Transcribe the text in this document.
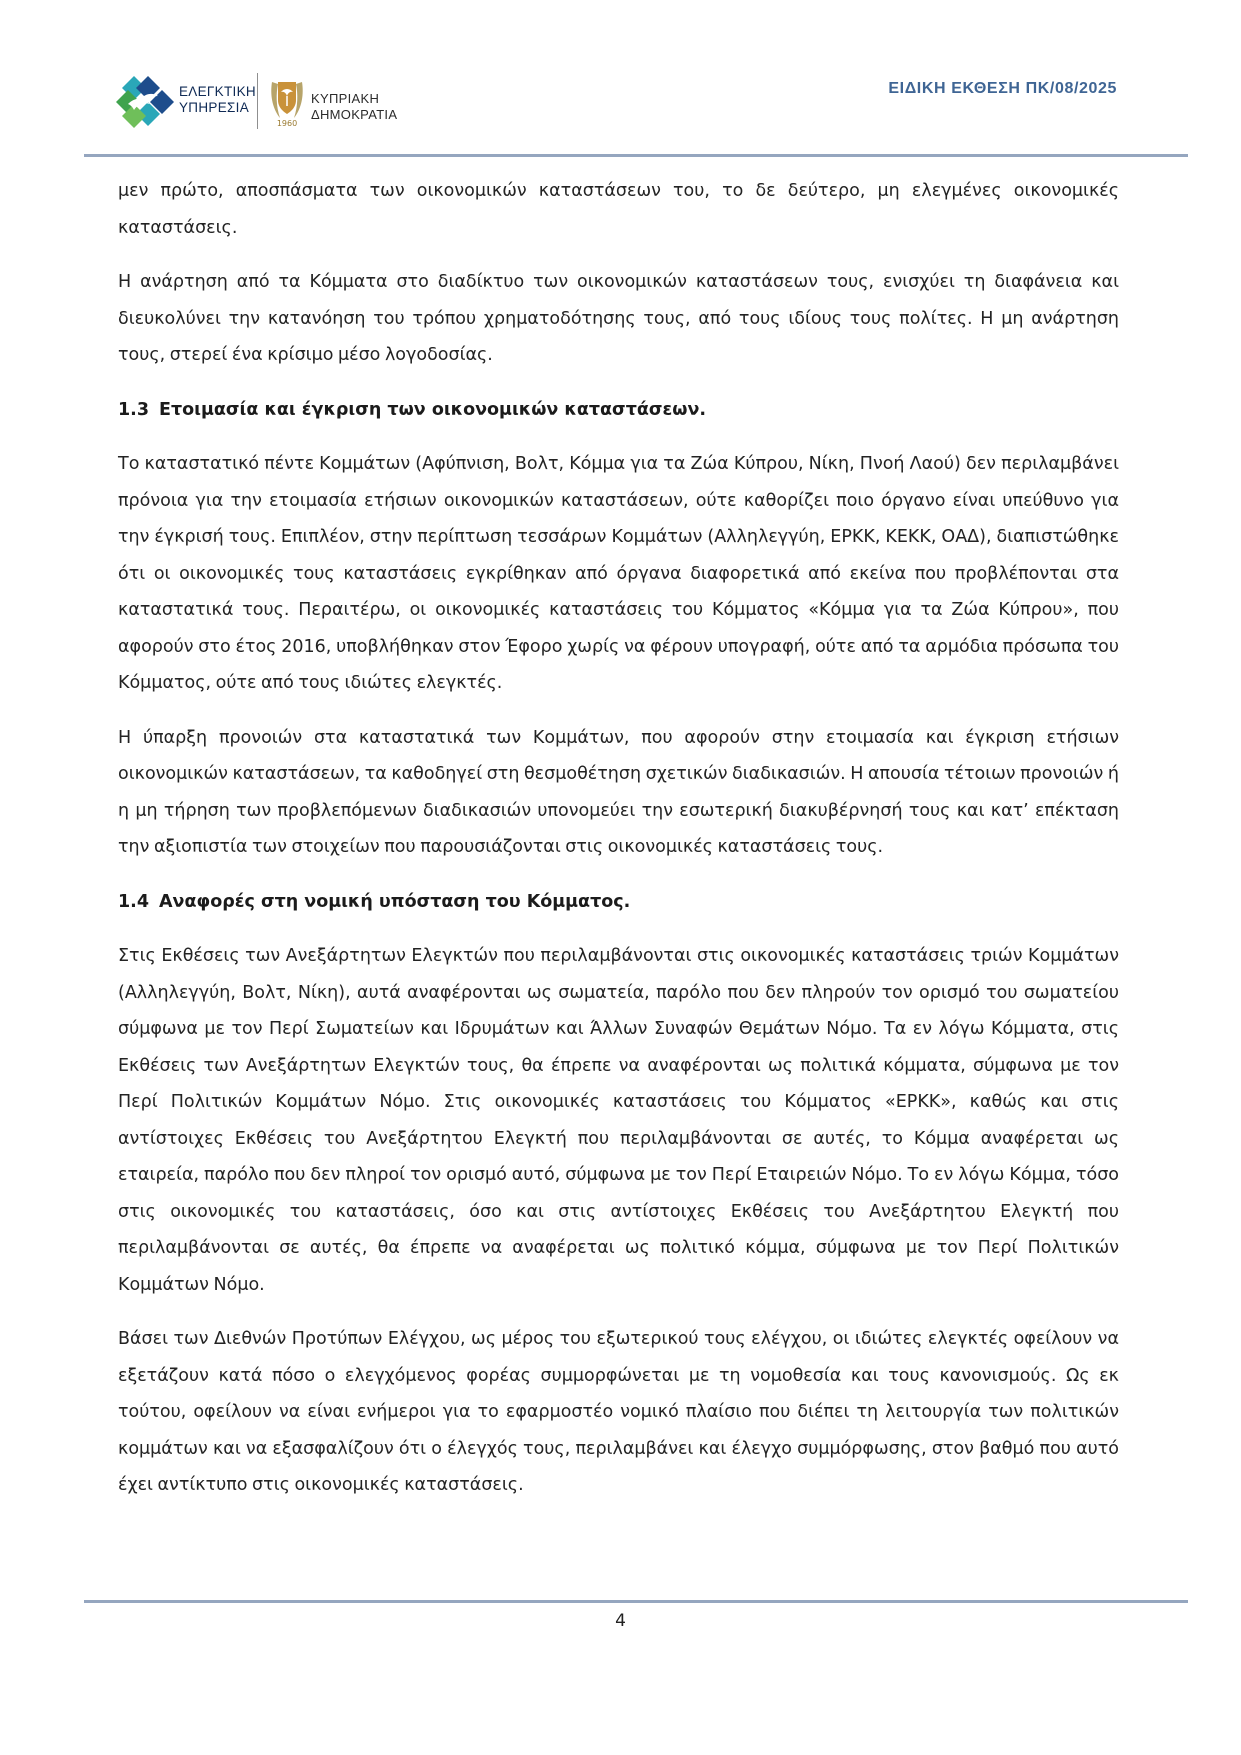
ΕΛΕΓΚΤΙΚΗ
ΥΠΗΡΕΣΙΑ
1960
ΚΥΠΡΙΑΚΗ
ΔΗΜΟΚΡΑΤΙΑ
ΕΙΔΙΚΗ ΕΚΘΕΣΗ ΠΚ/08/2025

μεν πρώτο, αποσπάσματα των οικονομικών καταστάσεων του, το δε δεύτερο, μη ελεγμένες οικονομικές καταστάσεις.

Η ανάρτηση από τα Κόμματα στο διαδίκτυο των οικονομικών καταστάσεων τους, ενισχύει τη διαφάνεια και διευκολύνει την κατανόηση του τρόπου χρηματοδότησης τους, από τους ιδίους τους πολίτες. Η μη ανάρτηση τους, στερεί ένα κρίσιμο μέσο λογοδοσίας.

1.3 Ετοιμασία και έγκριση των οικονομικών καταστάσεων.

Το καταστατικό πέντε Κομμάτων (Αφύπνιση, Βολτ, Κόμμα για τα Ζώα Κύπρου, Νίκη, Πνοή Λαού) δεν περιλαμβάνει πρόνοια για την ετοιμασία ετήσιων οικονομικών καταστάσεων, ούτε καθορίζει ποιο όργανο είναι υπεύθυνο για την έγκρισή τους. Επιπλέον, στην περίπτωση τεσσάρων Κομμάτων (Αλληλεγγύη, ΕΡΚΚ, ΚΕΚΚ, ΟΑΔ), διαπιστώθηκε ότι οι οικονομικές τους καταστάσεις εγκρίθηκαν από όργανα διαφορετικά από εκείνα που προβλέπονται στα καταστατικά τους. Περαιτέρω, οι οικονομικές καταστάσεις του Κόμματος «Κόμμα για τα Ζώα Κύπρου», που αφορούν στο έτος 2016, υποβλήθηκαν στον Έφορο χωρίς να φέρουν υπογραφή, ούτε από τα αρμόδια πρόσωπα του Κόμματος, ούτε από τους ιδιώτες ελεγκτές.

Η ύπαρξη προνοιών στα καταστατικά των Κομμάτων, που αφορούν στην ετοιμασία και έγκριση ετήσιων οικονομικών καταστάσεων, τα καθοδηγεί στη θεσμοθέτηση σχετικών διαδικασιών. Η απουσία τέτοιων προνοιών ή η μη τήρηση των προβλεπόμενων διαδικασιών υπονομεύει την εσωτερική διακυβέρνησή τους και κατ’ επέκταση την αξιοπιστία των στοιχείων που παρουσιάζονται στις οικονομικές καταστάσεις τους.

1.4 Αναφορές στη νομική υπόσταση του Κόμματος.

Στις Εκθέσεις των Ανεξάρτητων Ελεγκτών που περιλαμβάνονται στις οικονομικές καταστάσεις τριών Κομμάτων (Αλληλεγγύη, Βολτ, Νίκη), αυτά αναφέρονται ως σωματεία, παρόλο που δεν πληρούν τον ορισμό του σωματείου σύμφωνα με τον Περί Σωματείων και Ιδρυμάτων και Άλλων Συναφών Θεμάτων Νόμο. Τα εν λόγω Κόμματα, στις Εκθέσεις των Ανεξάρτητων Ελεγκτών τους, θα έπρεπε να αναφέρονται ως πολιτικά κόμματα, σύμφωνα με τον Περί Πολιτικών Κομμάτων Νόμο. Στις οικονομικές καταστάσεις του Κόμματος «ΕΡΚΚ», καθώς και στις αντίστοιχες Εκθέσεις του Ανεξάρτητου Ελεγκτή που περιλαμβάνονται σε αυτές, το Κόμμα αναφέρεται ως εταιρεία, παρόλο που δεν πληροί τον ορισμό αυτό, σύμφωνα με τον Περί Εταιρειών Νόμο. Το εν λόγω Κόμμα, τόσο στις οικονομικές του καταστάσεις, όσο και στις αντίστοιχες Εκθέσεις του Ανεξάρτητου Ελεγκτή που περιλαμβάνονται σε αυτές, θα έπρεπε να αναφέρεται ως πολιτικό κόμμα, σύμφωνα με τον Περί Πολιτικών Κομμάτων Νόμο.

Βάσει των Διεθνών Προτύπων Ελέγχου, ως μέρος του εξωτερικού τους ελέγχου, οι ιδιώτες ελεγκτές οφείλουν να εξετάζουν κατά πόσο ο ελεγχόμενος φορέας συμμορφώνεται με τη νομοθεσία και τους κανονισμούς. Ως εκ τούτου, οφείλουν να είναι ενήμεροι για το εφαρμοστέο νομικό πλαίσιο που διέπει τη λειτουργία των πολιτικών κομμάτων και να εξασφαλίζουν ότι ο έλεγχός τους, περιλαμβάνει και έλεγχο συμμόρφωσης, στον βαθμό που αυτό έχει αντίκτυπο στις οικονομικές καταστάσεις.

4
